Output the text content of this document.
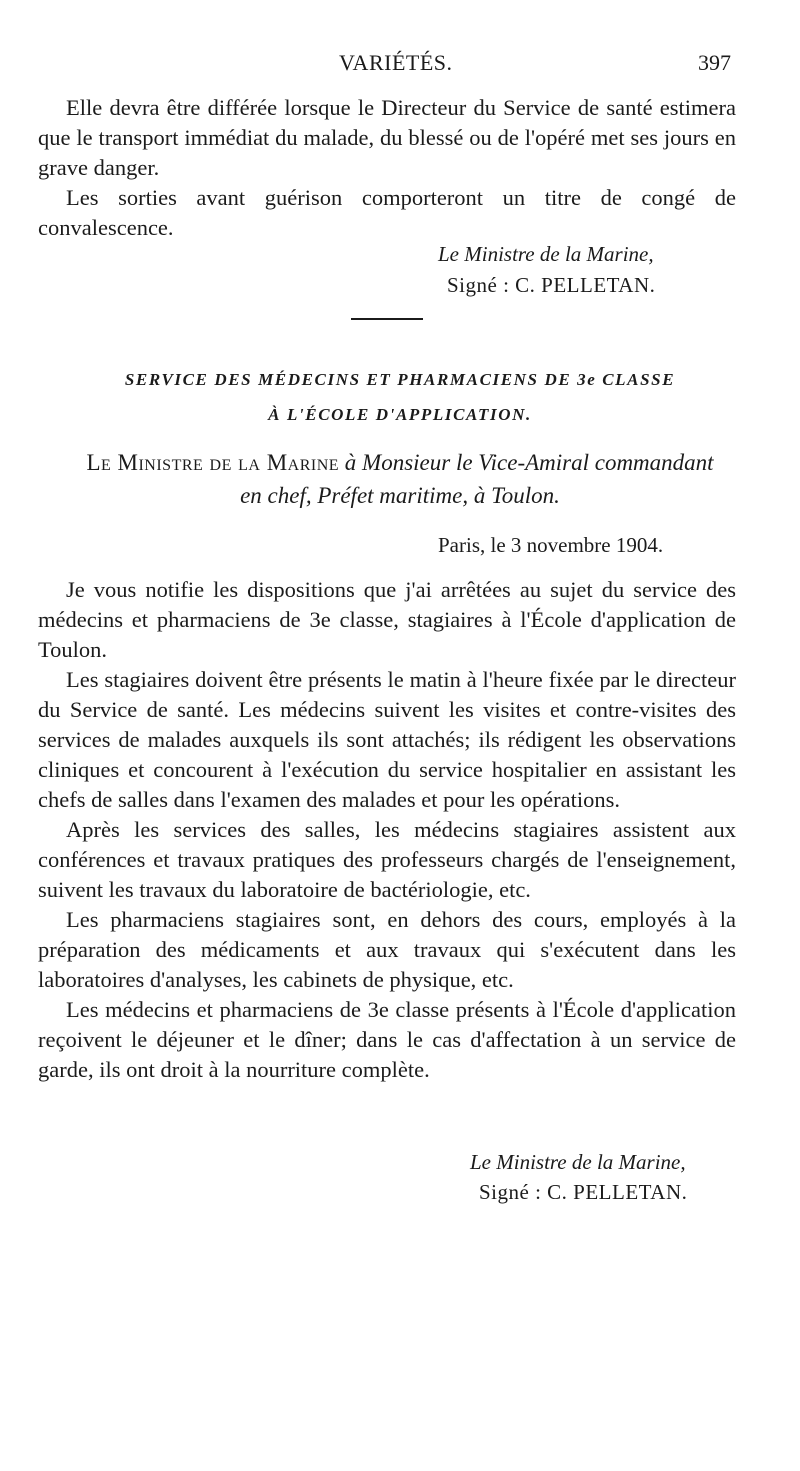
VARIÉTÉS.	397

Elle devra être différée lorsque le Directeur du Service de santé estimera que le transport immédiat du malade, du blessé ou de l'opéré met ses jours en grave danger.

Les sorties avant guérison comporteront un titre de congé de convalescence.

Le Ministre de la Marine,
Signé : C. PELLETAN.
SERVICE DES MÉDECINS ET PHARMACIENS DE 3e CLASSE
À L'ÉCOLE D'APPLICATION.
Le Ministre de la Marine à Monsieur le Vice-Amiral commandant
en chef, Préfet maritime, à Toulon.
Paris, le 3 novembre 1904.

Je vous notifie les dispositions que j'ai arrêtées au sujet du service des médecins et pharmaciens de 3e classe, stagiaires à l'École d'application de Toulon.

Les stagiaires doivent être présents le matin à l'heure fixée par le directeur du Service de santé. Les médecins suivent les visites et contre-visites des services de malades auxquels ils sont attachés; ils rédigent les observations cliniques et concourent à l'exécution du service hospitalier en assistant les chefs de salles dans l'examen des malades et pour les opérations.

Après les services des salles, les médecins stagiaires assistent aux conférences et travaux pratiques des professeurs chargés de l'enseignement, suivent les travaux du laboratoire de bactériologie, etc.

Les pharmaciens stagiaires sont, en dehors des cours, employés à la préparation des médicaments et aux travaux qui s'exécutent dans les laboratoires d'analyses, les cabinets de physique, etc.

Les médecins et pharmaciens de 3e classe présents à l'École d'application reçoivent le déjeuner et le dîner; dans le cas d'affectation à un service de garde, ils ont droit à la nourriture complète.

Le Ministre de la Marine,
Signé : C. PELLETAN.
